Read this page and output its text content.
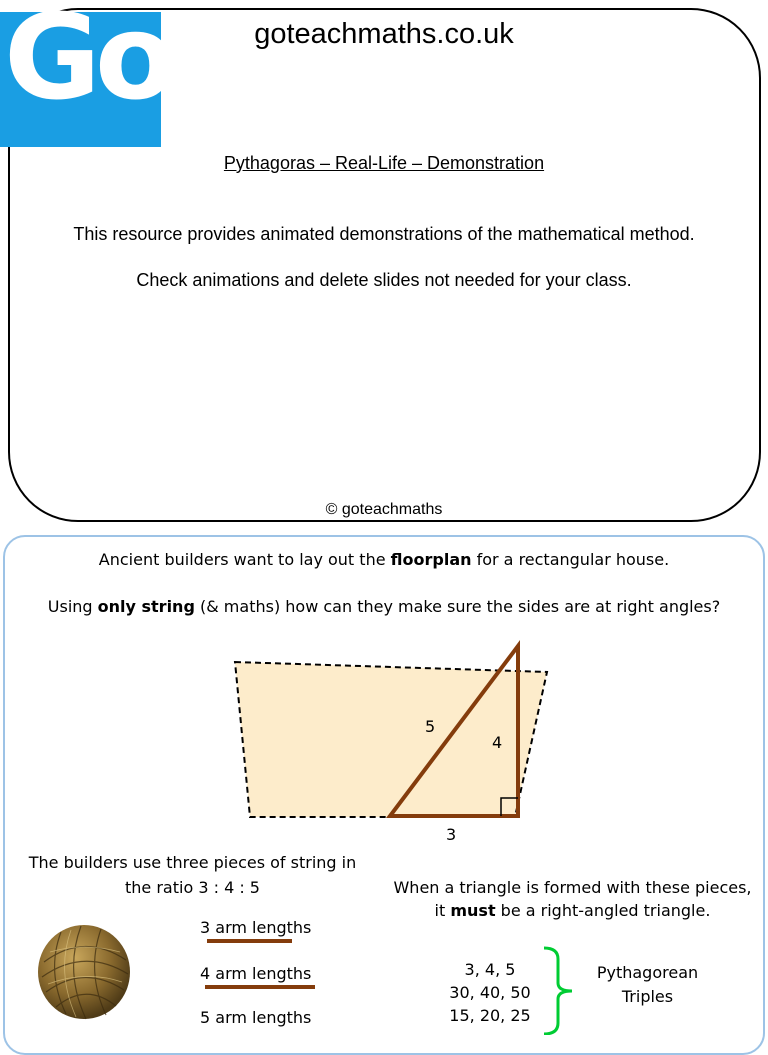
Go!	goteachmaths.co.uk
Pythagoras – Real-Life – Demonstration
This resource provides animated demonstrations of the mathematical method.
Check animations and delete slides not needed for your class.
© goteachmaths
Ancient builders want to lay out the floorplan for a rectangular house.
Using only string (& maths) how can they make sure the sides are at right angles?
5
4
3
The builders use three pieces of string in
the ratio 3 : 4 : 5	When a triangle is formed with these pieces,
it must be a right-angled triangle.
3 arm lengths
4 arm lengths
5 arm lengths
3, 4, 5
30, 40, 50
15, 20, 25
Pythagorean
Triples
